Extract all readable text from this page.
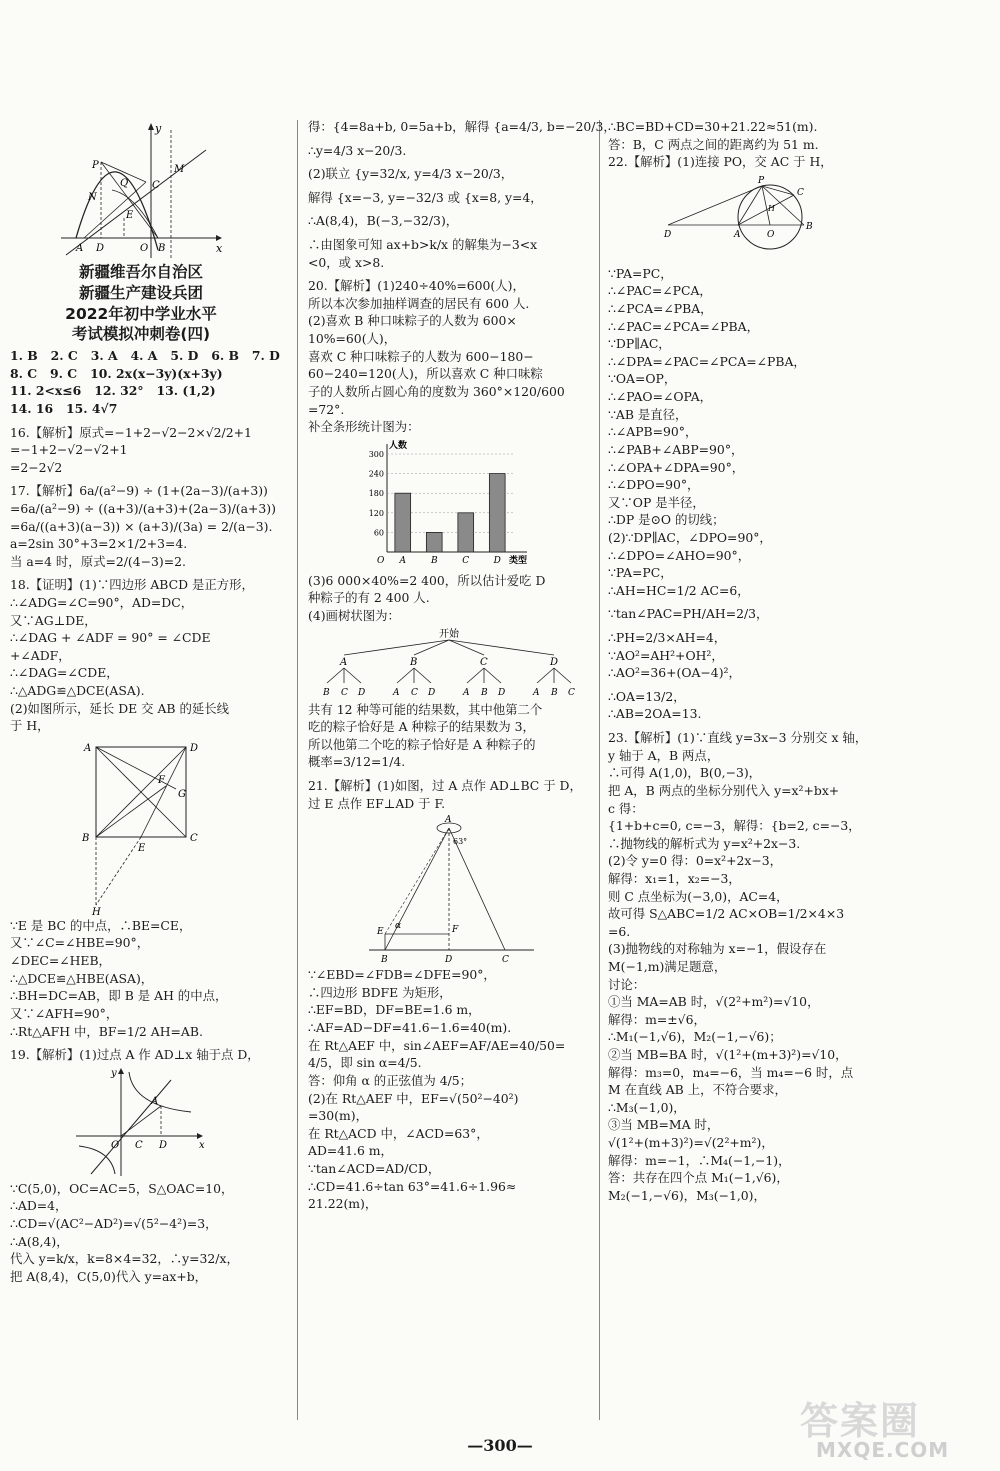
x
y
O
A D	B
C
E
M
N
P
Q
新疆维吾尔自治区
新疆生产建设兵团
2022年初中学业水平
考试模拟冲刺卷(四)

1. B   2. C   3. A   4. A   5. D   6. B   7. D

8. C   9. C   10. 2x(x−3y)(x+3y)

11. 2<x≤6   12. 32°   13. (1,2)

14. 16   15. 4√7

16.【解析】原式=−1+2−√2−2×√2/2+1

=−1+2−√2−√2+1

=2−2√2

17.【解析】6a/(a²−9) ÷ (1+(2a−3)/(a+3))

=6a/(a²−9) ÷ ((a+3)/(a+3)+(2a−3)/(a+3))

=6a/((a+3)(a−3)) × (a+3)/(3a) = 2/(a−3).

a=2sin 30°+3=2×1/2+3=4.

当 a=4 时，原式=2/(4−3)=2.

18.【证明】(1)∵四边形 ABCD 是正方形，

∴∠ADG=∠C=90°，AD=DC，

又∵AG⊥DE，

∴∠DAG + ∠ADF = 90° = ∠CDE

+∠ADF，

∴∠DAG=∠CDE，

∴△ADG≌△DCE(ASA).

(2)如图所示，延长 DE 交 AB 的延长线

于 H，

A	D
B	C
E
F
G
H

∵E 是 BC 的中点，∴BE=CE，

又∵∠C=∠HBE=90°，

∠DEC=∠HEB，

∴△DCE≌△HBE(ASA)，

∴BH=DC=AB，即 B 是 AH 的中点，

又∵∠AFH=90°，

∴Rt△AFH 中，BF=1/2 AH=AB.

19.【解析】(1)过点 A 作 AD⊥x 轴于点 D，

x
y
O
A
C D

∵C(5,0)，OC=AC=5，S△OAC=10，

∴AD=4，

∴CD=√(AC²−AD²)=√(5²−4²)=3，

∴A(8,4)，

代入 y=k/x，k=8×4=32，∴y=32/x，

把 A(8,4)，C(5,0)代入 y=ax+b，

得：{4=8a+b, 0=5a+b，解得 {a=4/3, b=−20/3，

∴y=4/3 x−20/3.

(2)联立 {y=32/x, y=4/3 x−20/3，

解得 {x=−3, y=−32/3 或 {x=8, y=4，

∴A(8,4)，B(−3,−32/3)，

∴由图象可知 ax+b>k/x 的解集为−3<x

<0，或 x>8.

20.【解析】(1)240÷40%=600(人)，

所以本次参加抽样调查的居民有 600 人.

(2)喜欢 B 种口味粽子的人数为 600×

10%=60(人)，

喜欢 C 种口味粽子的人数为 600−180−

60−240=120(人)，所以喜欢 C 种口味粽

子的人数所占圆心角的度数为 360°×120/600

=72°.

补全条形统计图为：

人数
类型
O
60
120
180
240
300
A	B	C	D

(3)6 000×40%=2 400，所以估计爱吃 D

种粽子的有 2 400 人.

(4)画树状图为：

开始
A	B	C	D
B C D	A C D	A B D	A B C

共有 12 种等可能的结果数，其中他第二个

吃的粽子恰好是 A 种粽子的结果数为 3，

所以他第二个吃的粽子恰好是 A 种粽子的

概率=3/12=1/4.

21.【解析】(1)如图，过 A 点作 AD⊥BC 于 D，

过 E 点作 EF⊥AD 于 F.

A
63°
E
α	F
B	D	C

∵∠EBD=∠FDB=∠DFE=90°，

∴四边形 BDFE 为矩形，

∴EF=BD，DF=BE=1.6 m，

∴AF=AD−DF=41.6−1.6=40(m).

在 Rt△AEF 中，sin∠AEF=AF/AE=40/50=

4/5，即 sin α=4/5.

答：仰角 α 的正弦值为 4/5；

(2)在 Rt△AEF 中，EF=√(50²−40²)

=30(m)，

在 Rt△ACD 中，∠ACD=63°，

AD=41.6 m，

∵tan∠ACD=AD/CD，

∴CD=41.6÷tan 63°=41.6÷1.96≈

21.22(m)，

∴BC=BD+CD=30+21.22≈51(m).

答：B，C 两点之间的距离约为 51 m.

22.【解析】(1)连接 PO，交 AC 于 H，

P
C
H
D	A	O
B

∵PA=PC，

∴∠PAC=∠PCA，

∴∠PCA=∠PBA，

∴∠PAC=∠PCA=∠PBA，

∵DP∥AC，

∴∠DPA=∠PAC=∠PCA=∠PBA，

∵OA=OP，

∴∠PAO=∠OPA，

∵AB 是直径，

∴∠APB=90°，

∴∠PAB+∠ABP=90°，

∴∠OPA+∠DPA=90°，

∴∠DPO=90°，

又∵OP 是半径，

∴DP 是⊙O 的切线；

(2)∵DP∥AC，∠DPO=90°，

∴∠DPO=∠AHO=90°，

∵PA=PC，

∴AH=HC=1/2 AC=6，

∵tan∠PAC=PH/AH=2/3，

∴PH=2/3×AH=4，

∵AO²=AH²+OH²，

∴AO²=36+(OA−4)²，

∴OA=13/2，

∴AB=2OA=13.

23.【解析】(1)∵直线 y=3x−3 分别交 x 轴，

y 轴于 A，B 两点，

∴可得 A(1,0)，B(0,−3)，

把 A，B 两点的坐标分别代入 y=x²+bx+

c 得：

{1+b+c=0, c=−3，解得：{b=2, c=−3，

∴抛物线的解析式为 y=x²+2x−3.

(2)令 y=0 得：0=x²+2x−3，

解得：x₁=1，x₂=−3，

则 C 点坐标为(−3,0)，AC=4，

故可得 S△ABC=1/2 AC×OB=1/2×4×3

=6.

(3)抛物线的对称轴为 x=−1，假设存在

M(−1,m)满足题意，

讨论：

①当 MA=AB 时，√(2²+m²)=√10，

解得：m=±√6，

∴M₁(−1,√6)，M₂(−1,−√6)；

②当 MB=BA 时，√(1²+(m+3)²)=√10，

解得：m₃=0，m₄=−6，当 m₄=−6 时，点

M 在直线 AB 上，不符合要求，

∴M₃(−1,0)，

③当 MB=MA 时，

√(1²+(m+3)²)=√(2²+m²)，

解得：m=−1，∴M₄(−1,−1)，

答：共存在四个点 M₁(−1,√6)，

M₂(−1,−√6)，M₃(−1,0)，

—300—
答案圈
MXQE.COM
